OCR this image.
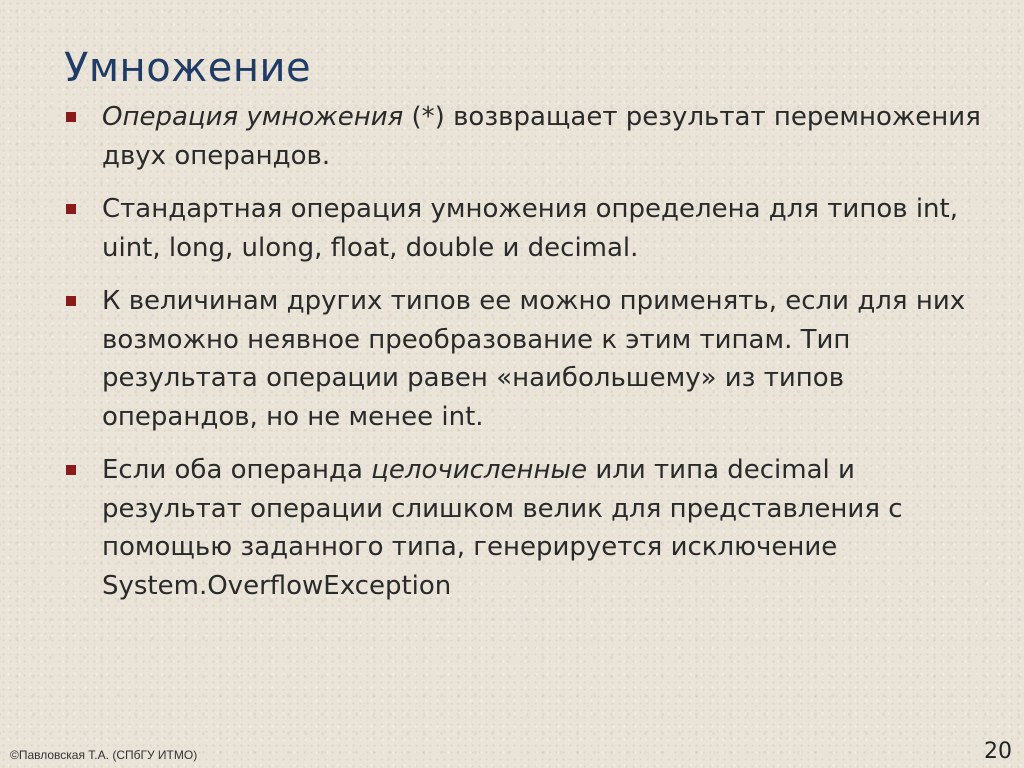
Умножение
Операция умножения (*) возвращает результат перемножения двух операндов.
Стандартная операция умножения определена для типов int, uint, long, ulong, float, double и decimal.
К величинам других типов ее можно применять, если для них возможно неявное преобразование к этим типам. Тип результата операции равен «наибольшему» из типов операндов, но не менее int.
Если оба операнда целочисленные или типа decimal и результат операции слишком велик для представления с помощью заданного типа, генерируется исключение System.OverflowException
©Павловская Т.А. (СПбГУ ИТМО)	20
